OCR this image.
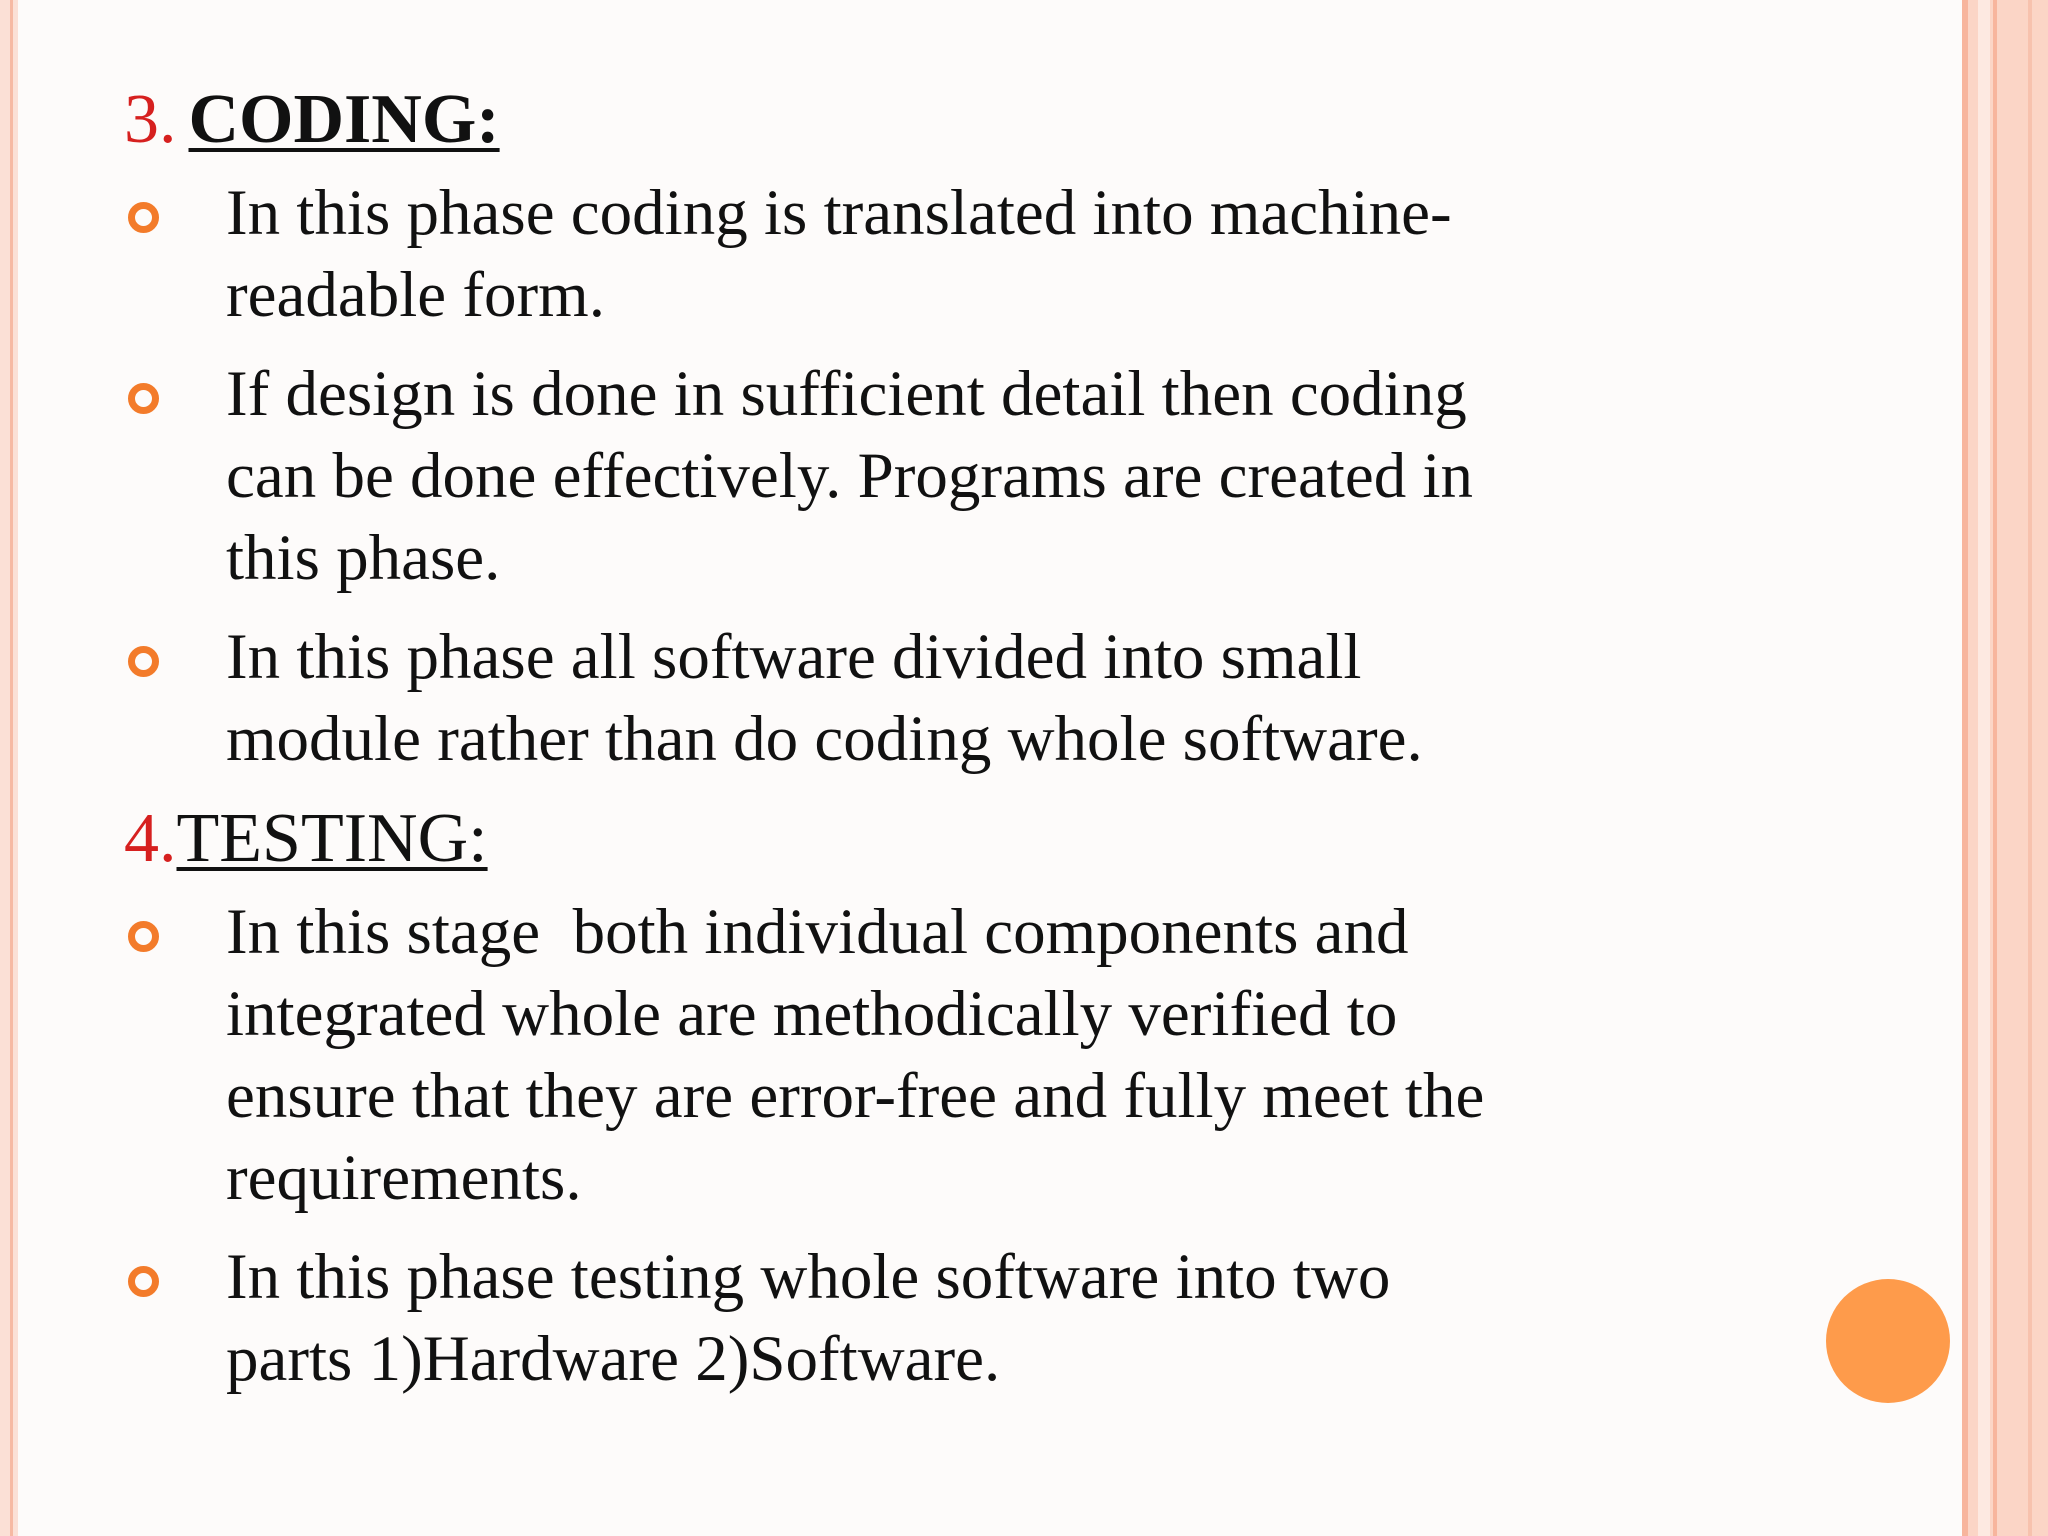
3. CODING:
In this phase coding is translated into machine-
readable form.
If design is done in sufficient detail then coding
can be done effectively. Programs are created in
this phase.
In this phase all software divided into small
module rather than do coding whole software.
4.TESTING:
In this stage  both individual components and
integrated whole are methodically verified to
ensure that they are error-free and fully meet the
requirements.
In this phase testing whole software into two
parts 1)Hardware 2)Software.
